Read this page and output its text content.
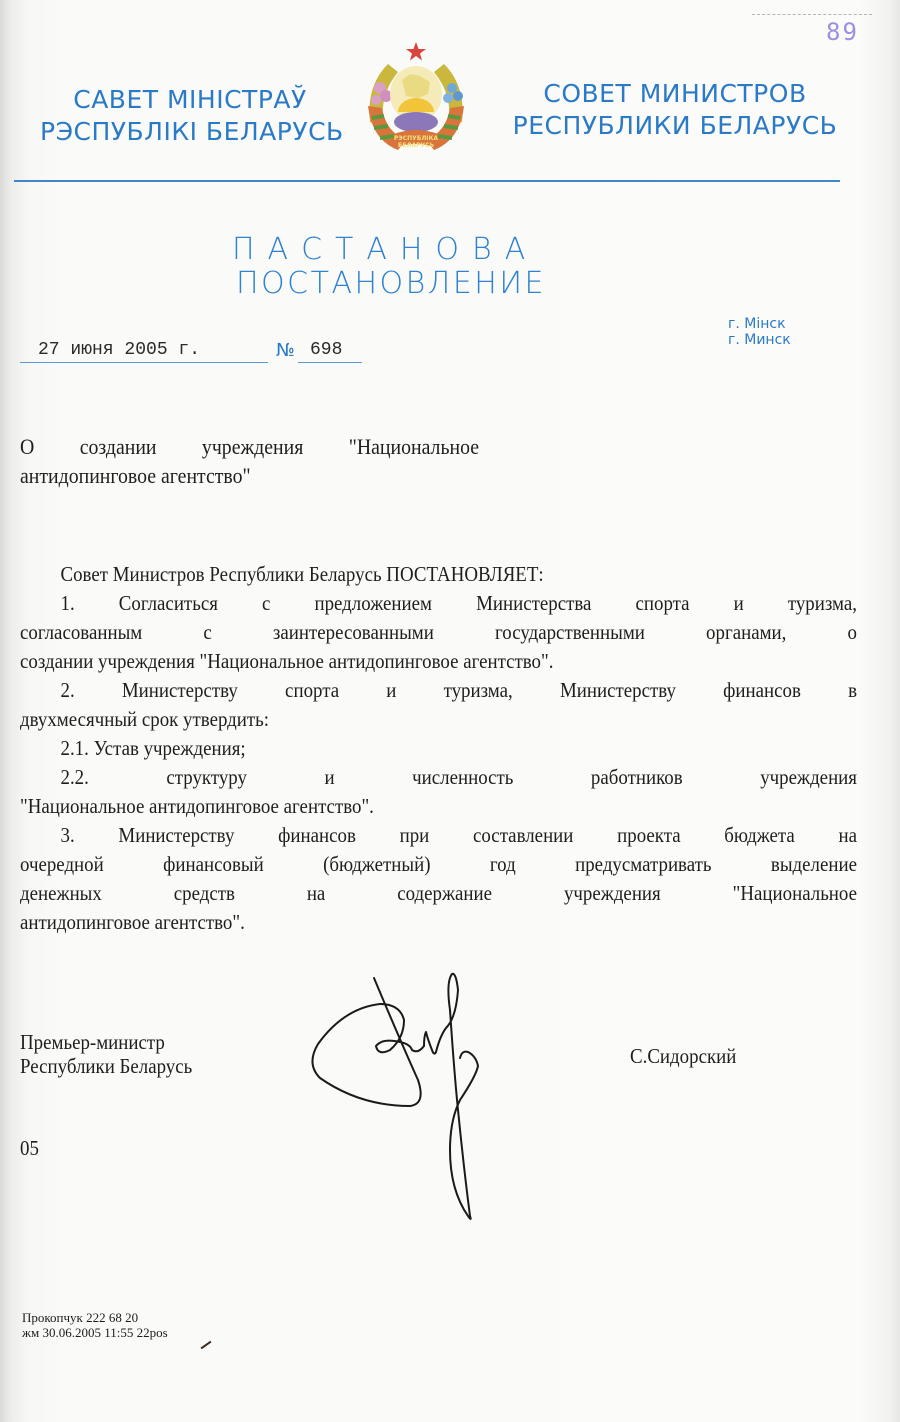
САВЕТ МІНІСТРАЎ
РЭСПУБЛІКІ БЕЛАРУСЬ	РЭСПУБЛІКА
БЕЛАРУСЬ
СОВЕТ МИНИСТРОВ
РЕСПУБЛИКИ БЕЛАРУСЬ
89
ПАСТАНОВА
ПОСТАНОВЛЕНИЕ
г. Мінск
г. Минск
27 июня 2005 г.	№ 698
О создании учреждения "Национальное
антидопинговое агентство"
Совет Министров Республики Беларусь ПОСТАНОВЛЯЕТ:
1. Согласиться с предложением Министерства спорта и туризма,
согласованным с заинтересованными государственными органами, о
создании учреждения "Национальное антидопинговое агентство".
2. Министерству спорта и туризма, Министерству финансов в
двухмесячный срок утвердить:
2.1. Устав учреждения;
2.2. структуру и численность работников учреждения
"Национальное антидопинговое агентство".
3. Министерству финансов при составлении проекта бюджета на
очередной финансовый (бюджетный) год предусматривать выделение
денежных средств на содержание учреждения "Национальное
антидопинговое агентство".
Премьер-министр
Республики Беларусь	С.Сидорский
05
Прокопчук 222 68 20
жм 30.06.2005 11:55 22pos
